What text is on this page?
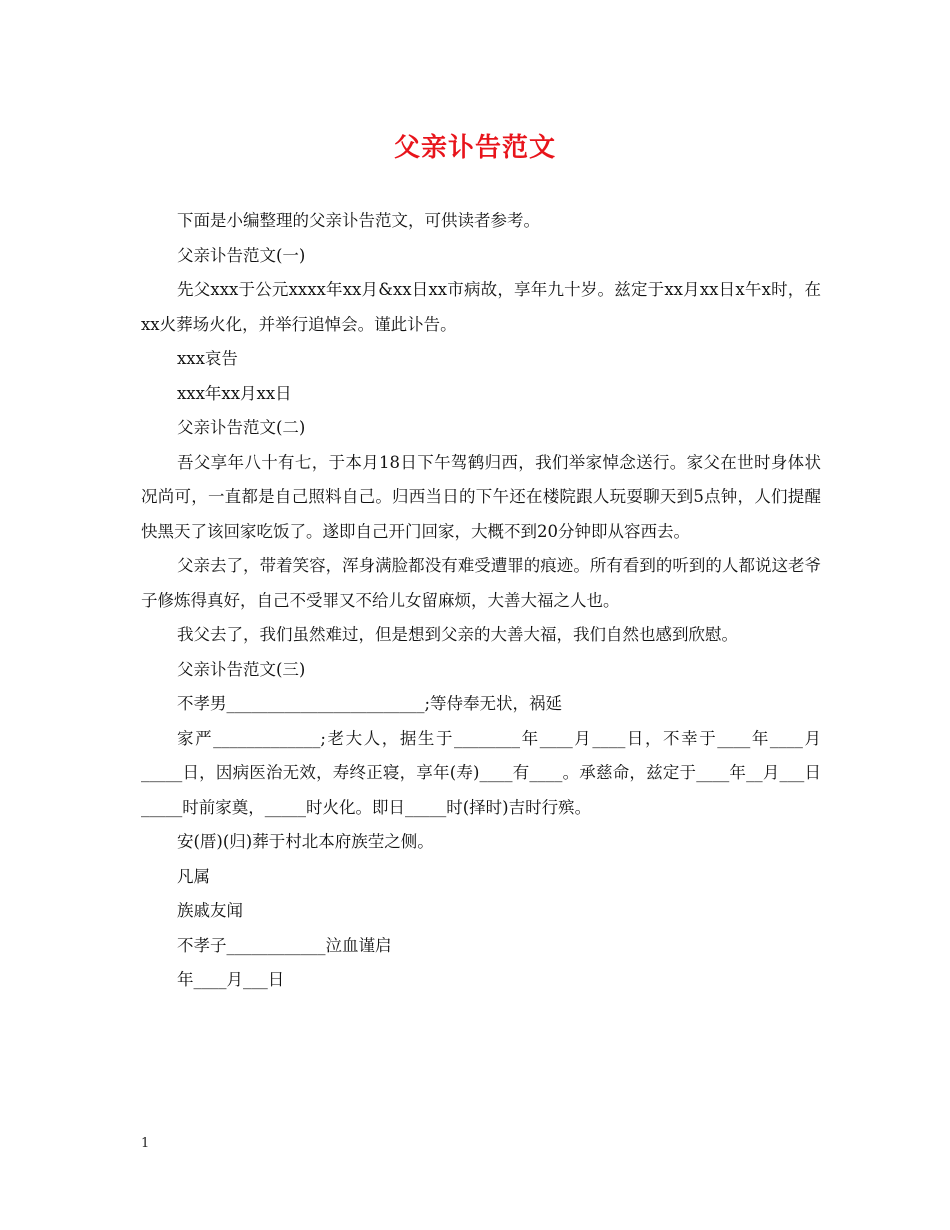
父亲讣告范文

下面是小编整理的父亲讣告范文，可供读者参考。

父亲讣告范文(一)

先父xxx于公元xxxx年xx月&xx日xx市病故，享年九十岁。兹定于xx月xx日x午x时，在xx火葬场火化，并举行追悼会。谨此讣告。

xxx哀告

xxx年xx月xx日

父亲讣告范文(二)

吾父享年八十有七，于本月18日下午驾鹤归西，我们举家悼念送行。家父在世时身体状况尚可，一直都是自己照料自己。归西当日的下午还在楼院跟人玩耍聊天到5点钟，人们提醒快黑天了该回家吃饭了。遂即自己开门回家，大概不到20分钟即从容西去。

父亲去了，带着笑容，浑身满脸都没有难受遭罪的痕迹。所有看到的听到的人都说这老爷子修炼得真好，自己不受罪又不给儿女留麻烦，大善大福之人也。

我父去了，我们虽然难过，但是想到父亲的大善大福，我们自然也感到欣慰。

父亲讣告范文(三)

不孝男________________________;等侍奉无状，祸延

家严_____________;老大人，据生于________年____月____日，不幸于____年____月_____日，因病医治无效，寿终正寝，享年(寿)____有____。承慈命，兹定于____年__月___日_____时前家奠，_____时火化。即日_____时(择时)吉时行殡。

安(厝)(归)葬于村北本府族茔之侧。

凡属

族戚友闻

不孝子____________泣血谨启

年____月___日

1
